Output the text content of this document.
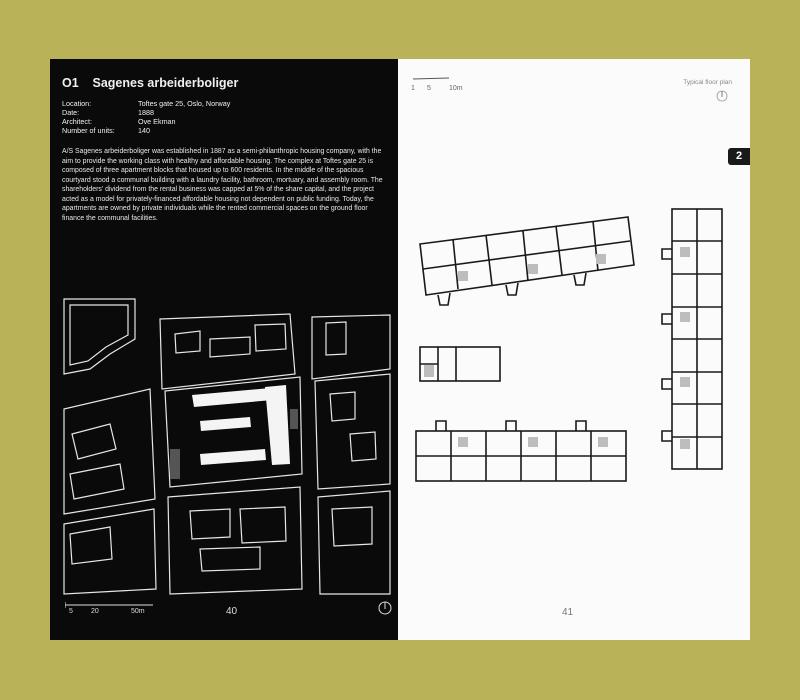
O1 Sagenes arbeiderboliger
Location:	Toftes gate 25, Oslo, Norway
Date:	1888
Architect:	Ove Ekman
Number of units:	140
A/S Sagenes arbeiderboliger was established in 1887 as a semi-philanthropic housing company, with the aim to provide the working class with healthy and affordable housing. The complex at Toftes gate 25 is composed of three apartment blocks that housed up to 600 residents. In the middle of the spacious courtyard stood a communal building with a laundry facility, bathroom, mortuary, and assembly room. The shareholders' dividend from the rental business was capped at 5% of the share capital, and the project acted as a model for privately-financed affordable housing not dependent on public funding. Today, the apartments are owned by private individuals while the rented commercial spaces on the ground floor finance the communal facilities.
5	20	50m	40
1 5	10m
Typical floor plan
2
41
